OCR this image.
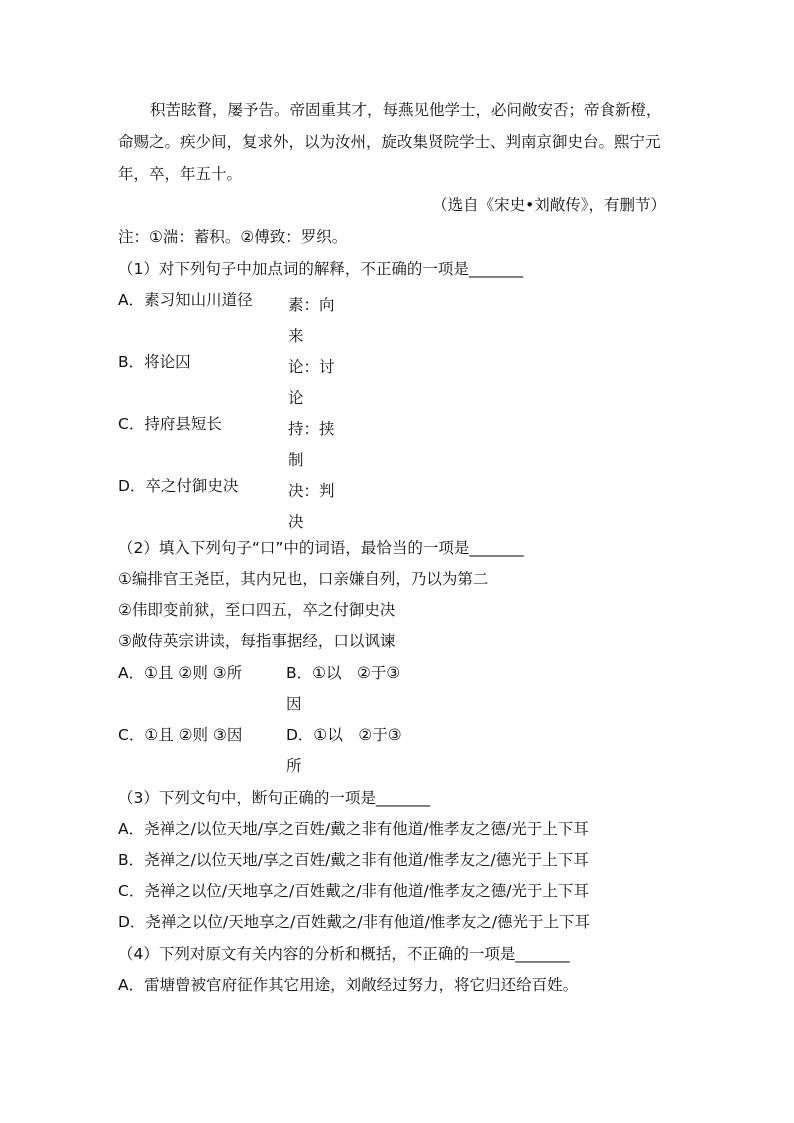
积苦眩瞀，屡予告。帝固重其才，每燕见他学士，必问敞安否；帝食新橙，
命赐之。疾少间，复求外，以为汝州，旋改集贤院学士、判南京御史台。熙宁元
年，卒，年五十。
（选自《宋史•刘敞传》，有删节）
注：①湍：蓄积。②傅致：罗织。
（1）对下列句子中加点词的解释，不正确的一项是_______
A．素习知山川道径 素：向来
B．将论囚	论：讨论
C．持府县短长	持：挟制
D．卒之付御史决	决：判决
（2）填入下列句子“口”中的词语，最恰当的一项是_______
①编排官王尧臣，其内兄也，口亲嫌自列，乃以为第二
②伟即变前狱，至口四五，卒之付御史决
③敞侍英宗讲读，每指事据经，口以讽谏
A．①且 ②则 ③所	B．①以　②于③因
C．①且 ②则 ③因	D．①以　②于③所
（3）下列文句中，断句正确的一项是_______
A．尧禅之/以位天地/享之百姓/戴之非有他道/惟孝友之德/光于上下耳
B．尧禅之/以位天地/享之百姓/戴之非有他道/惟孝友之/德光于上下耳
C．尧禅之以位/天地享之/百姓戴之/非有他道/惟孝友之德/光于上下耳
D．尧禅之以位/天地享之/百姓戴之/非有他道/惟孝友之/德光于上下耳
（4）下列对原文有关内容的分析和概括，不正确的一项是_______
A．雷塘曾被官府征作其它用途，刘敞经过努力，将它归还给百姓。
